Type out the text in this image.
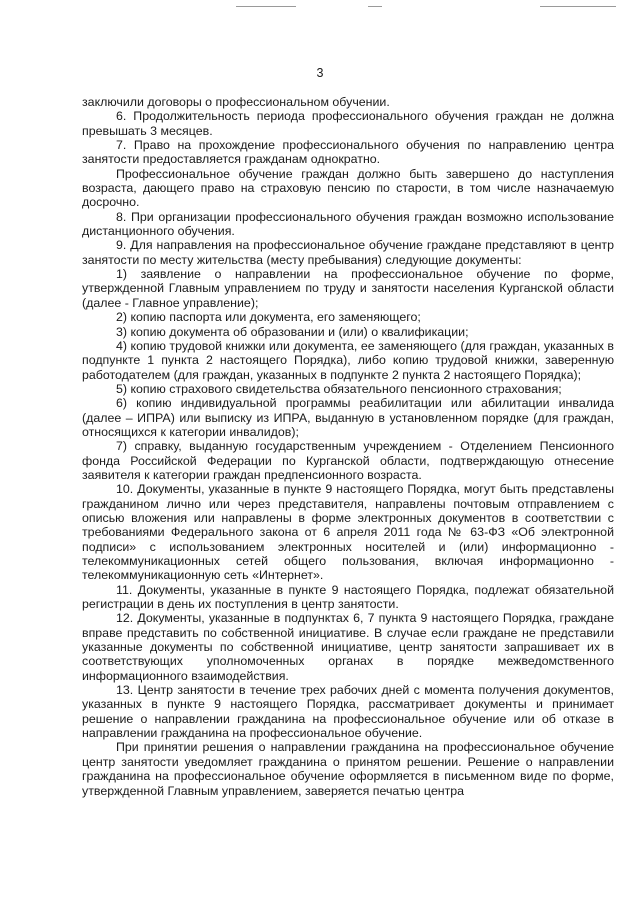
3

заключили договоры о профессиональном обучении.

6. Продолжительность периода профессионального обучения граждан не должна превышать 3 месяцев.

7. Право на прохождение профессионального обучения по направлению центра занятости предоставляется гражданам однократно.

Профессиональное обучение граждан должно быть завершено до наступления возраста, дающего право на страховую пенсию по старости, в том числе назначаемую досрочно.

8. При организации профессионального обучения граждан возможно использование дистанционного обучения.

9. Для направления на профессиональное обучение граждане представляют в центр занятости по месту жительства (месту пребывания) следующие документы:

1) заявление о направлении на профессиональное обучение по форме, утвержденной Главным управлением по труду и занятости населения Курганской области (далее - Главное управление);

2) копию паспорта или документа, его заменяющего;

3) копию документа об образовании и (или) о квалификации;

4) копию трудовой книжки или документа, ее заменяющего (для граждан, указанных в подпункте 1 пункта 2 настоящего Порядка), либо копию трудовой книжки, заверенную работодателем (для граждан, указанных в подпункте 2 пункта 2 настоящего Порядка);

5) копию страхового свидетельства обязательного пенсионного страхования;

6) копию индивидуальной программы реабилитации или абилитации инвалида (далее – ИПРА) или выписку из ИПРА, выданную в установленном порядке (для граждан, относящихся к категории инвалидов);

7) справку, выданную государственным учреждением - Отделением Пенсионного фонда Российской Федерации по Курганской области, подтверждающую отнесение заявителя к категории граждан предпенсионного возраста.

10. Документы, указанные в пункте 9 настоящего Порядка, могут быть представлены гражданином лично или через представителя, направлены почтовым отправлением с описью вложения или направлены в форме электронных документов в соответствии с требованиями Федерального закона от 6 апреля 2011 года № 63-ФЗ «Об электронной подписи» с использованием электронных носителей и (или) информационно - телекоммуникационных сетей общего пользования, включая информационно - телекоммуникационную сеть «Интернет».

11. Документы, указанные в пункте 9 настоящего Порядка, подлежат обязательной регистрации в день их поступления в центр занятости.

12. Документы, указанные в подпунктах 6, 7 пункта 9 настоящего Порядка, граждане вправе представить по собственной инициативе. В случае если граждане не представили указанные документы по собственной инициативе, центр занятости запрашивает их в соответствующих уполномоченных органах в порядке межведомственного информационного взаимодействия.

13. Центр занятости в течение трех рабочих дней с момента получения документов, указанных в пункте 9 настоящего Порядка, рассматривает документы и принимает решение о направлении гражданина на профессиональное обучение или об отказе в направлении гражданина на профессиональное обучение.

При принятии решения о направлении гражданина на профессиональное обучение центр занятости уведомляет гражданина о принятом решении. Решение о направлении гражданина на профессиональное обучение оформляется в письменном виде по форме, утвержденной Главным управлением, заверяется печатью центра
